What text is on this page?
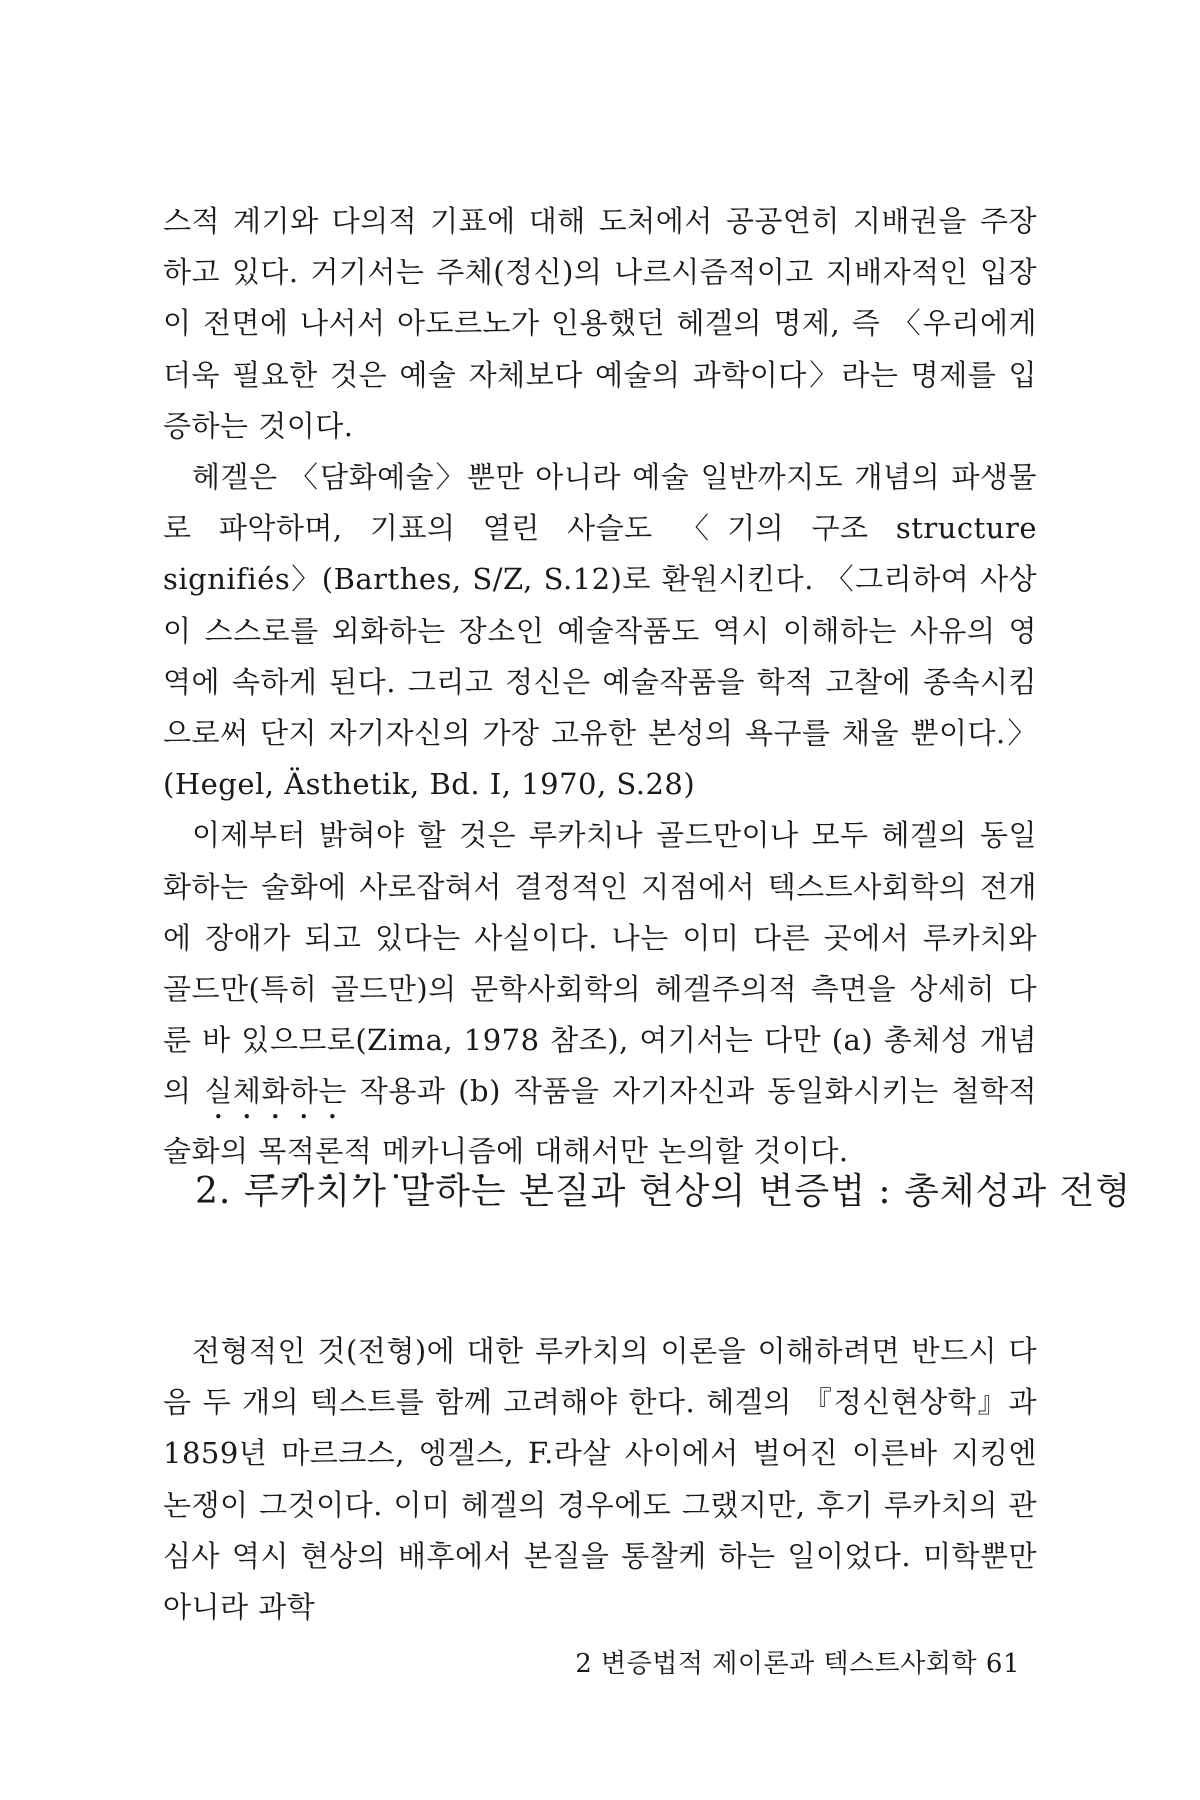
스적 계기와 다의적 기표에 대해 도처에서 공공연히 지배권을 주장하고 있다. 거기서는 주체(정신)의 나르시즘적이고 지배자적인 입장이 전면에 나서서 아도르노가 인용했던 헤겔의 명제, 즉 〈우리에게 더욱 필요한 것은 예술 자체보다 예술의 과학이다〉라는 명제를 입증하는 것이다.

헤겔은 〈담화예술〉뿐만 아니라 예술 일반까지도 개념의 파생물로 파악하며, 기표의 열린 사슬도 〈기의 구조 structure signifiés〉(Barthes, S/Z, S.12)로 환원시킨다. 〈그리하여 사상이 스스로를 외화하는 장소인 예술작품도 역시 이해하는 사유의 영역에 속하게 된다. 그리고 정신은 예술작품을 학적 고찰에 종속시킴으로써 단지 자기자신의 가장 고유한 본성의 욕구를 채울 뿐이다.〉(Hegel, Ästhetik, Bd. I, 1970, S.28)

이제부터 밝혀야 할 것은 루카치나 골드만이나 모두 헤겔의 동일화하는 술화에 사로잡혀서 결정적인 지점에서 텍스트사회학의 전개에 장애가 되고 있다는 사실이다. 나는 이미 다른 곳에서 루카치와 골드만(특히 골드만)의 문학사회학의 헤겔주의적 측면을 상세히 다룬 바 있으므로(Zima, 1978 참조), 여기서는 다만 (a) 총체성 개념의 실체화하는 작용과 (b) 작품을 자기자신과 동일화시키는 철학적 술화의 목적론적 메카니즘에 대해서만 논의할 것이다.

2. 루카치가 말하는 본질과 현상의 변증법 : 총체성과 전형

전형적인 것(전형)에 대한 루카치의 이론을 이해하려면 반드시 다음 두 개의 텍스트를 함께 고려해야 한다. 헤겔의 『정신현상학』과 1859년 마르크스, 엥겔스, F.라살 사이에서 벌어진 이른바 지킹엔 논쟁이 그것이다. 이미 헤겔의 경우에도 그랬지만, 후기 루카치의 관심사 역시 현상의 배후에서 본질을 통찰케 하는 일이었다. 미학뿐만 아니라 과학

2 변증법적 제이론과 텍스트사회학 61
